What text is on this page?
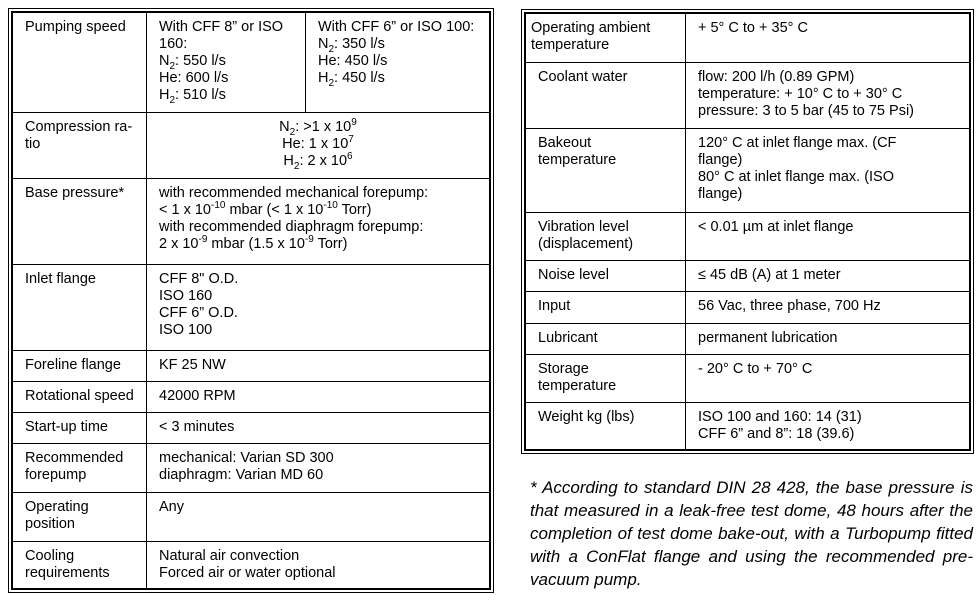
Pumping speed	With CFF 8” or ISO 160:
$N_2$: 550 l/s
He: 600 l/s
$H_2$: 510 l/s	With CFF 6” or ISO 100:
$N_2$: 350 l/s
He: 450 l/s
$H_2$: 450 l/s

Compression ra-tio	$N_2$: >1 x $10^9$
He: 1 x $10^7$
$H_2$: 2 x $10^6$

Base pressure*	with recommended mechanical forepump:
< 1 x $10^{-10}$ mbar (< 1 x $10^{-10}$ Torr)
with recommended diaphragm forepump:
2 x $10^{-9}$ mbar (1.5 x $10^{-9}$ Torr)	

Inlet flange	CFF 8" O.D.
ISO 160
CFF 6” O.D.
ISO 100	

Foreline flange	KF 25 NW	
Rotational speed	42000 RPM	
Start-up time	< 3 minutes	

Recommended
forepump	mechanical: Varian SD 300
diaphragm: Varian MD 60	

Operating
position	Any	

Cooling
requirements	Natural air convection
Forced air or water optional	
Operating ambient
temperature	+ 5° C to + 35° C
Coolant water	flow: 200 l/h (0.89 GPM)
temperature: + 10° C to + 30° C
pressure: 3 to 5 bar (45 to 75 Psi)

Bakeout
temperature	120° C at inlet flange max. (CF
flange)
80° C at inlet flange max. (ISO
flange)

Vibration level
(displacement)	< 0.01 µm at inlet flange
Noise level	≤ 45 dB (A) at 1 meter
Input	56 Vac, three phase, 700 Hz
Lubricant	permanent lubrication

Storage
temperature	- 20° C to + 70° C
Weight kg (lbs)	ISO 100 and 160: 14 (31)
CFF 6” and 8”: 18 (39.6)
* According to standard DIN 28 428, the base pressure is that measured in a leak-free test dome, 48 hours after the completion of test dome bake-out, with a Turbopump fitted with a ConFlat flange and using the recommended pre-vacuum pump.
